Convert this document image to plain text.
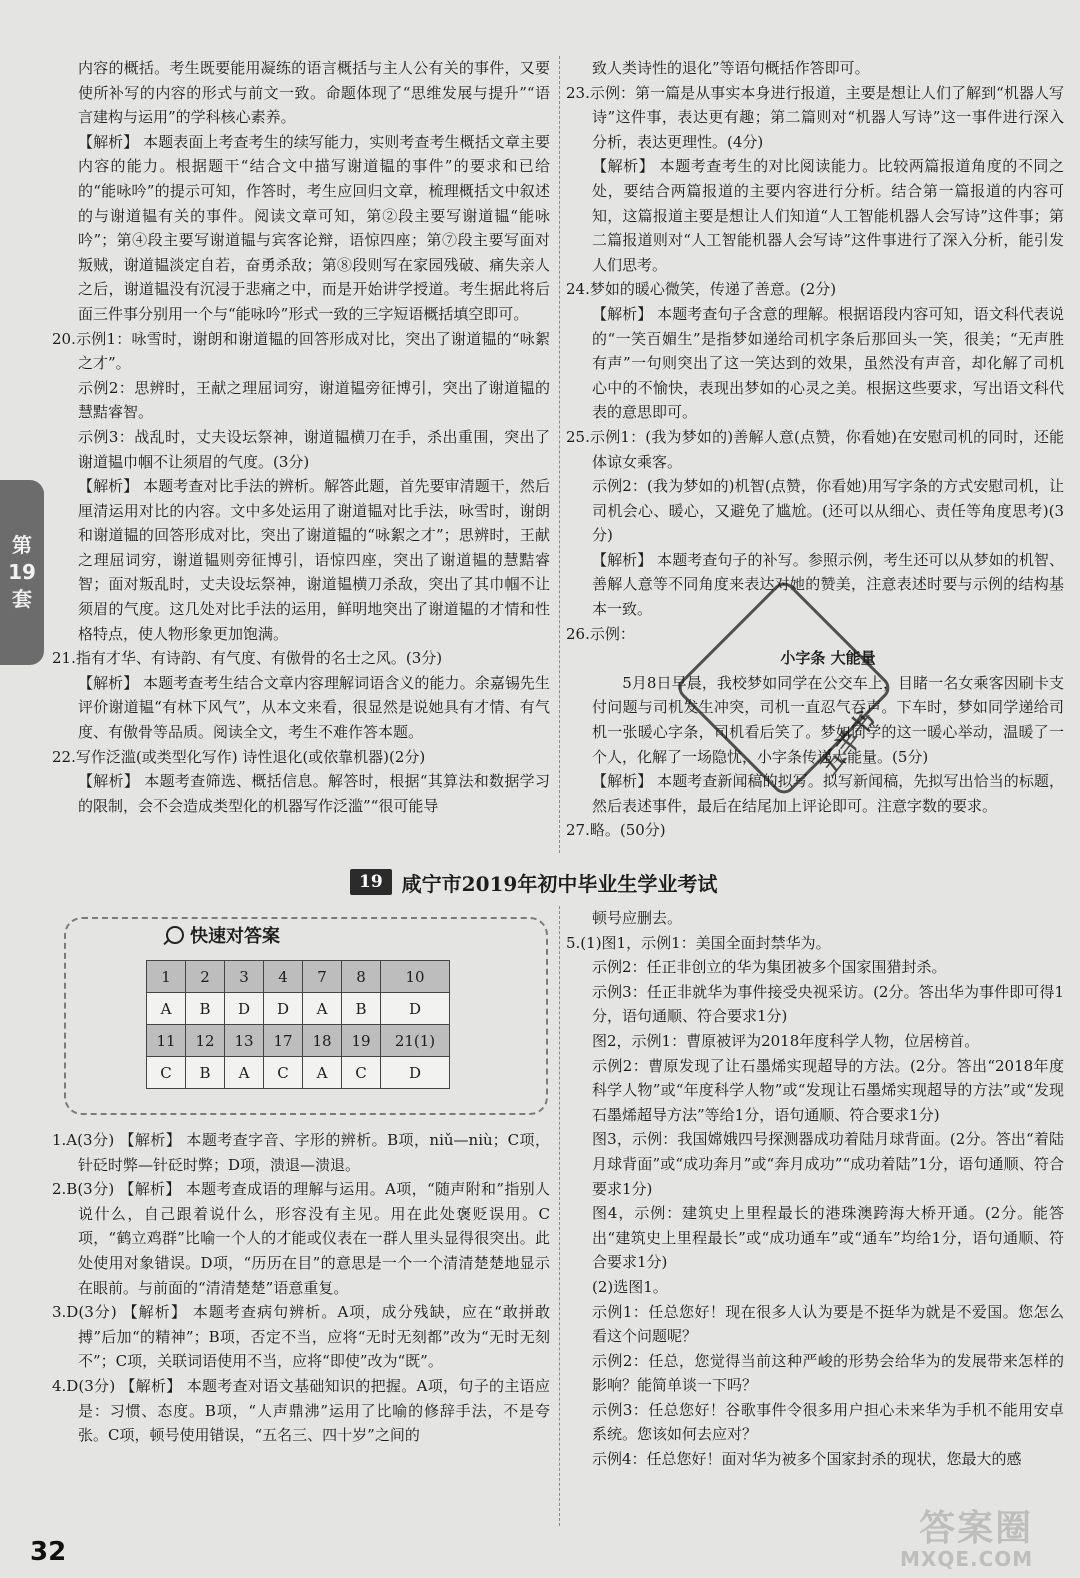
第19套

内容的概括。考生既要能用凝练的语言概括与主人公有关的事件，又要使所补写的内容的形式与前文一致。命题体现了“思维发展与提升”“语言建构与运用”的学科核心素养。

【解析】 本题表面上考查考生的续写能力，实则考查考生概括文章主要内容的能力。根据题干“结合文中描写谢道韫的事件”的要求和已给的“能咏吟”的提示可知，作答时，考生应回归文章，梳理概括文中叙述的与谢道韫有关的事件。阅读文章可知，第②段主要写谢道韫“能咏吟”；第④段主要写谢道韫与宾客论辩，语惊四座；第⑦段主要写面对叛贼，谢道韫淡定自若，奋勇杀敌；第⑧段则写在家园残破、痛失亲人之后，谢道韫没有沉浸于悲痛之中，而是开始讲学授道。考生据此将后面三件事分别用一个与“能咏吟”形式一致的三字短语概括填空即可。

20.示例1：咏雪时，谢朗和谢道韫的回答形成对比，突出了谢道韫的“咏絮之才”。

示例2：思辨时，王献之理屈词穷，谢道韫旁征博引，突出了谢道韫的慧黠睿智。

示例3：战乱时，丈夫设坛祭神，谢道韫横刀在手，杀出重围，突出了谢道韫巾帼不让须眉的气度。(3分)

【解析】 本题考查对比手法的辨析。解答此题，首先要审清题干，然后厘清运用对比的内容。文中多处运用了谢道韫对比手法，咏雪时，谢朗和谢道韫的回答形成对比，突出了谢道韫的“咏絮之才”；思辨时，王献之理屈词穷，谢道韫则旁征博引，语惊四座，突出了谢道韫的慧黠睿智；面对叛乱时，丈夫设坛祭神，谢道韫横刀杀敌，突出了其巾帼不让须眉的气度。这几处对比手法的运用，鲜明地突出了谢道韫的才情和性格特点，使人物形象更加饱满。

21.指有才华、有诗韵、有气度、有傲骨的名士之风。(3分)

【解析】 本题考查考生结合文章内容理解词语含义的能力。余嘉锡先生评价谢道韫“有林下风气”，从本文来看，很显然是说她具有才情、有气度、有傲骨等品质。阅读全文，考生不难作答本题。

22.写作泛滥(或类型化写作) 诗性退化(或依靠机器)(2分)

【解析】 本题考查筛选、概括信息。解答时，根据“其算法和数据学习的限制，会不会造成类型化的机器写作泛滥”“很可能导

致人类诗性的退化”等语句概括作答即可。

23.示例：第一篇是从事实本身进行报道，主要是想让人们了解到“机器人写诗”这件事，表达更有趣；第二篇则对“机器人写诗”这一事件进行深入分析，表达更理性。(4分)

【解析】 本题考查考生的对比阅读能力。比较两篇报道角度的不同之处，要结合两篇报道的主要内容进行分析。结合第一篇报道的内容可知，这篇报道主要是想让人们知道“人工智能机器人会写诗”这件事；第二篇报道则对“人工智能机器人会写诗”这件事进行了深入分析，能引发人们思考。

24.梦如的暖心微笑，传递了善意。(2分)

【解析】 本题考查句子含意的理解。根据语段内容可知，语文科代表说的“一笑百媚生”是指梦如递给司机字条后那回头一笑，很美；“无声胜有声”一句则突出了这一笑达到的效果，虽然没有声音，却化解了司机心中的不愉快，表现出梦如的心灵之美。根据这些要求，写出语文科代表的意思即可。

25.示例1：(我为梦如的)善解人意(点赞，你看她)在安慰司机的同时，还能体谅女乘客。

示例2：(我为梦如的)机智(点赞，你看她)用写字条的方式安慰司机，让司机会心、暖心，又避免了尴尬。(还可以从细心、责任等角度思考)(3分)

【解析】 本题考查句子的补写。参照示例，考生还可以从梦如的机智、善解人意等不同角度来表达对她的赞美，注意表述时要与示例的结构基本一致。

26.示例：

小字条 大能量

　　5月8日早晨，我校梦如同学在公交车上，目睹一名女乘客因刷卡支付问题与司机发生冲突，司机一直忍气吞声。下车时，梦如同学递给司机一张暖心字条，司机看后笑了。梦如同学的这一暖心举动，温暖了一个人，化解了一场隐忧，小字条传递大能量。(5分)

【解析】 本题考查新闻稿的拟写。拟写新闻稿，先拟写出恰当的标题，然后表述事件，最后在结尾加上评论即可。注意字数的要求。

27.略。(50分)

五羊书
19 咸宁市2019年初中毕业生学业考试
快速对答案
1	2	3	4	7	8	10
A	B	D	D	A	B	D
11	12	13	17	18	19	21(1)
C	B	A	C	A	C	D

1.A(3分) 【解析】 本题考查字音、字形的辨析。B项，niǔ—niù；C项，针砭时弊—针砭时弊；D项，溃退—溃退。

2.B(3分) 【解析】 本题考查成语的理解与运用。A项，“随声附和”指别人说什么，自己跟着说什么，形容没有主见。用在此处褒贬误用。C项，“鹤立鸡群”比喻一个人的才能或仪表在一群人里头显得很突出。此处使用对象错误。D项，“历历在目”的意思是一个一个清清楚楚地显示在眼前。与前面的“清清楚楚”语意重复。

3.D(3分) 【解析】 本题考查病句辨析。A项，成分残缺，应在“敢拼敢搏”后加“的精神”；B项，否定不当，应将“无时无刻都”改为“无时无刻不”；C项，关联词语使用不当，应将“即使”改为“既”。

4.D(3分) 【解析】 本题考查对语文基础知识的把握。A项，句子的主语应是：习惯、态度。B项，“人声鼎沸”运用了比喻的修辞手法，不是夸张。C项，顿号使用错误，“五名三、四十岁”之间的

顿号应删去。

5.(1)图1，示例1：美国全面封禁华为。

示例2：任正非创立的华为集团被多个国家围猎封杀。

示例3：任正非就华为事件接受央视采访。(2分。答出华为事件即可得1分，语句通顺、符合要求1分)

图2，示例1：曹原被评为2018年度科学人物，位居榜首。

示例2：曹原发现了让石墨烯实现超导的方法。(2分。答出“2018年度科学人物”或“年度科学人物”或“发现让石墨烯实现超导的方法”或“发现石墨烯超导方法”等给1分，语句通顺、符合要求1分)

图3，示例：我国嫦娥四号探测器成功着陆月球背面。(2分。答出“着陆月球背面”或“成功奔月”或“奔月成功”“成功着陆”1分，语句通顺、符合要求1分)

图4，示例：建筑史上里程最长的港珠澳跨海大桥开通。(2分。能答出“建筑史上里程最长”或“成功通车”或“通车”均给1分，语句通顺、符合要求1分)

(2)选图1。

示例1：任总您好！现在很多人认为要是不挺华为就是不爱国。您怎么看这个问题呢？

示例2：任总，您觉得当前这种严峻的形势会给华为的发展带来怎样的影响？能简单谈一下吗？

示例3：任总您好！谷歌事件令很多用户担心未来华为手机不能用安卓系统。您该如何去应对？

示例4：任总您好！面对华为被多个国家封杀的现状，您最大的感

32
答案圈
MXQE.COM
